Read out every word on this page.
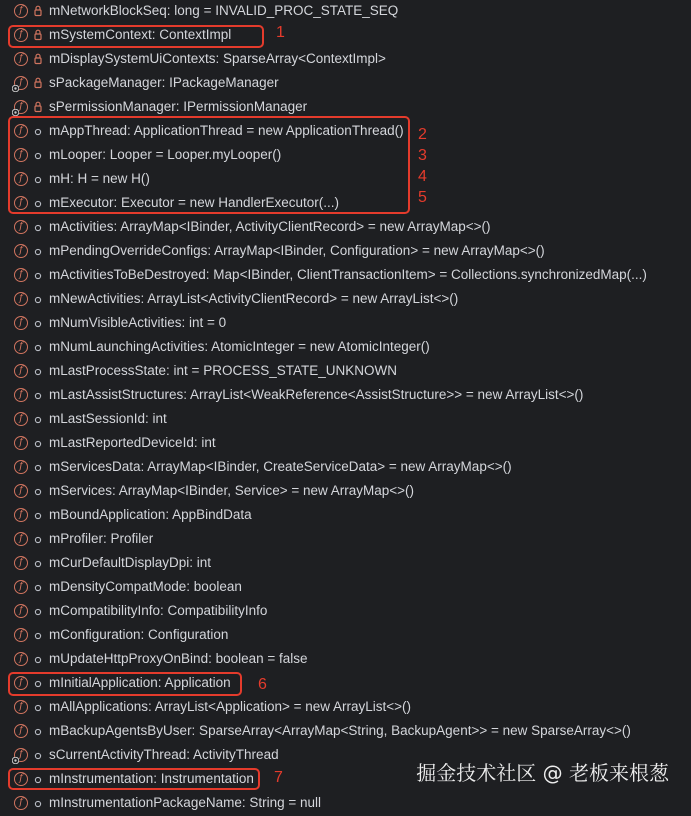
f	mNetworkBlockSeq: long = INVALID_PROC_STATE_SEQ
f	mSystemContext: ContextImpl
f	mDisplaySystemUiContexts: SparseArray<ContextImpl>
f	sPackageManager: IPackageManager
f	sPermissionManager: IPermissionManager
f	mAppThread: ApplicationThread = new ApplicationThread()
f	mLooper: Looper = Looper.myLooper()
f	mH: H = new H()
f	mExecutor: Executor = new HandlerExecutor(...)
f	mActivities: ArrayMap<IBinder, ActivityClientRecord> = new ArrayMap<>()
f	mPendingOverrideConfigs: ArrayMap<IBinder, Configuration> = new ArrayMap<>()
f	mActivitiesToBeDestroyed: Map<IBinder, ClientTransactionItem> = Collections.synchronizedMap(...)
f	mNewActivities: ArrayList<ActivityClientRecord> = new ArrayList<>()
f	mNumVisibleActivities: int = 0
f	mNumLaunchingActivities: AtomicInteger = new AtomicInteger()
f	mLastProcessState: int = PROCESS_STATE_UNKNOWN
f	mLastAssistStructures: ArrayList<WeakReference<AssistStructure>> = new ArrayList<>()
f	mLastSessionId: int
f	mLastReportedDeviceId: int
f	mServicesData: ArrayMap<IBinder, CreateServiceData> = new ArrayMap<>()
f	mServices: ArrayMap<IBinder, Service> = new ArrayMap<>()
f	mBoundApplication: AppBindData
f	mProfiler: Profiler
f	mCurDefaultDisplayDpi: int
f	mDensityCompatMode: boolean
f	mCompatibilityInfo: CompatibilityInfo
f	mConfiguration: Configuration
f	mUpdateHttpProxyOnBind: boolean = false
f	mInitialApplication: Application
f	mAllApplications: ArrayList<Application> = new ArrayList<>()
f	mBackupAgentsByUser: SparseArray<ArrayMap<String, BackupAgent>> = new SparseArray<>()
f	sCurrentActivityThread: ActivityThread
f	mInstrumentation: Instrumentation
f	mInstrumentationPackageName: String = null
1
2
3
4
5
6
7	掘金技术社区 @ 老板来根葱
